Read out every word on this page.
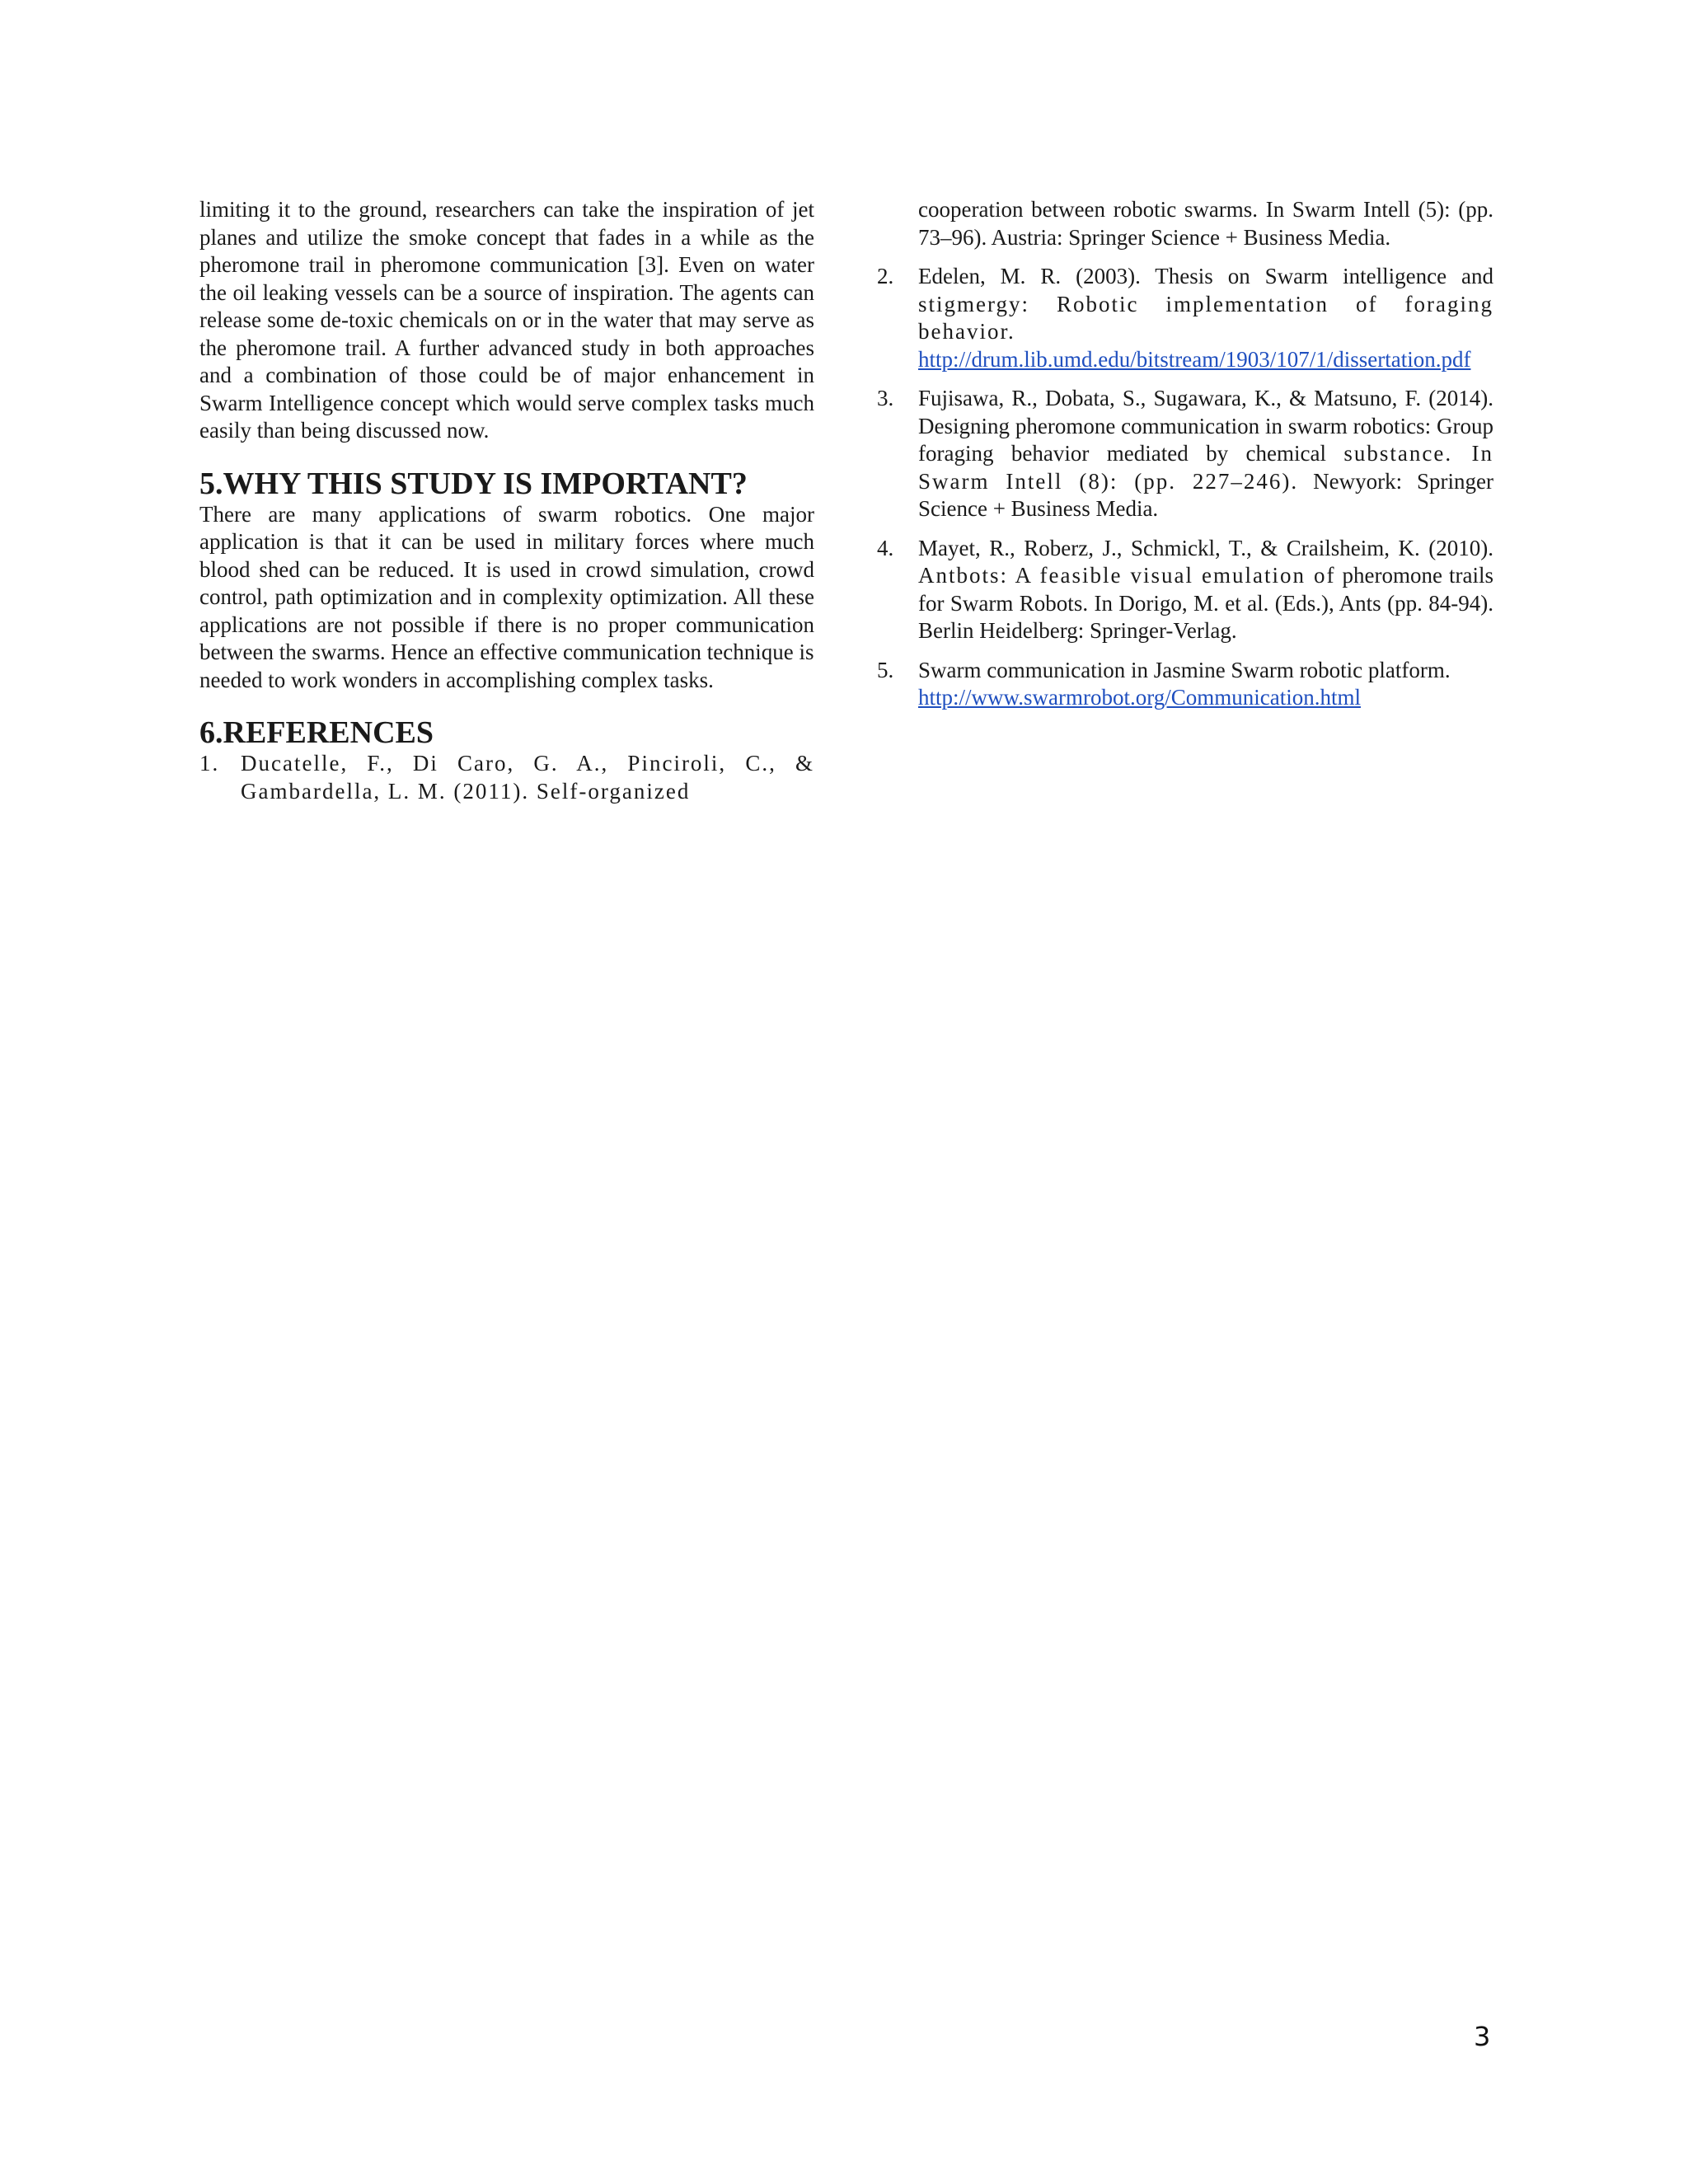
limiting it to the ground, researchers can take the inspiration of jet planes and utilize the smoke concept that fades in a while as the pheromone trail in pheromone communication [3]. Even on water the oil leaking vessels can be a source of inspiration. The agents can release some de-toxic chemicals on or in the water that may serve as the pheromone trail. A further advanced study in both approaches and a combination of those could be of major enhancement in Swarm Intelligence concept which would serve complex tasks much easily than being discussed now.

5.WHY THIS STUDY IS IMPORTANT?

There are many applications of swarm robotics. One major application is that it can be used in military forces where much blood shed can be reduced. It is used in crowd simulation, crowd control, path optimization and in complexity optimization. All these applications are not possible if there is no proper communication between the swarms. Hence an effective communication technique is

needed to work wonders in accomplishing complex tasks.

6.REFERENCES
1. Ducatelle, F., Di Caro, G. A., Pinciroli, C., & Gambardella, L. M. (2011). Self-organized
cooperation between robotic swarms. In Swarm Intell (5): (pp. 73–96). Austria: Springer Science + Business Media.
2. Edelen, M. R. (2003). Thesis on Swarm intelligence and stigmergy: Robotic implementation of foraging behavior. http://drum.lib.umd.edu/bitstream/1903/107/1/dissertation.pdf
3. Fujisawa, R., Dobata, S., Sugawara, K., & Matsuno, F. (2014). Designing pheromone communication in swarm robotics: Group foraging behavior mediated by chemical substance. In Swarm Intell (8): (pp. 227–246). Newyork: Springer Science + Business Media.
4. Mayet, R., Roberz, J., Schmickl, T., & Crailsheim, K. (2010). Antbots: A feasible visual emulation of pheromone trails for Swarm Robots. In Dorigo, M. et al. (Eds.), Ants (pp. 84-94). Berlin Heidelberg: Springer-Verlag.
5. Swarm communication in Jasmine Swarm robotic platform. http://www.swarmrobot.org/Communication.html
3
